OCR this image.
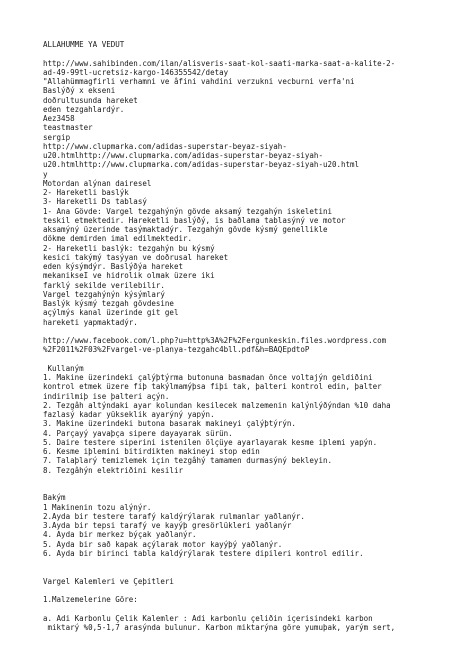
ALLAHUMME YA VEDUT
http://www.sahibinden.com/ilan/alisveris-saat-kol-saati-marka-saat-a-kalite-2-
ad-49-99tl-ucretsiz-kargo-146355542/detay
"Allahümmagfirli verhamni ve âfini vahdini verzukni vecburni verfa'ni
Baslýðý x ekseni
doðrultusunda hareket
eden tezgahlardýr.
Aez3458
teastmaster
sergip
http://www.clupmarka.com/adidas-superstar-beyaz-siyah-
u20.htmlhttp://www.clupmarka.com/adidas-superstar-beyaz-siyah-
u20.htmlhttp://www.clupmarka.com/adidas-superstar-beyaz-siyah-u20.html
y
Motordan alýnan dairesel
2- Hareketli baslýk
3- Hareketli Ds tablasý
1- Ana Gövde: Vargel tezgahýnýn gövde aksamý tezgahýn iskeletini
teskil etmektedir. Hareketli baslýðý, is baðlama tablasýný ve motor
aksamýný üzerinde tasýmaktadýr. Tezgahýn gövde kýsmý genellikle
dökme demirden imal edilmektedir.
2- Hareketli baslýk: tezgahýn bu kýsmý
kesici takýmý tasýyan ve doðrusal hareket
eden kýsýmdýr. Baslýðýa hareket
mekanikseI ve hidrolik olmak üzere iki
farklý sekilde verilebilir.
Vargel tezgahýnýn kýsýmlarý
Baslýk kýsmý tezgah gövdesine
açýlmýs kanal üzerinde git gel
hareketi yapmaktadýr.
http://www.facebook.com/l.php?u=http%3A%2F%2Fergunkeskin.files.wordpress.com
%2F2011%2F03%2Fvargel-ve-planya-tezgahc4bll.pdf&h=BAQEpdtoP
Kullaným
1. Makine üzerindeki çalýþtýrma butonuna basmadan önce voltajýn geldiðini
kontrol etmek üzere fiþ takýlmamýþsa fiþi tak, þalteri kontrol edin, þalter
indirilmiþ ise þalteri açýn.
2. Tezgâh altýndaki ayar kolundan kesilecek malzemenin kalýnlýðýndan %10 daha
fazlasý kadar yükseklik ayarýný yapýn.
3. Makine üzerindeki butona basarak makineyi çalýþtýrýn.
4. Parçayý yavaþça sipere dayayarak sürün.
5. Daire testere siperini istenilen ölçüye ayarlayarak kesme iþlemi yapýn.
6. Kesme iþlemini bitirdikten makineyi stop edin
7. Talaþlarý temizlemek için tezgâhý tamamen durmasýný bekleyin.
8. Tezgâhýn elektriðini kesilir
Bakým
1 Makinenin tozu alýnýr.
2.Ayda bir testere tarafý kaldýrýlarak rulmanlar yaðlanýr.
3.Ayda bir tepsi tarafý ve kayýþ gresörlükleri yaðlanýr
4. Ayda bir merkez býçak yaðlanýr.
5. Ayda bir sað kapak açýlarak motor kayýþý yaðlanýr.
6. Ayda bir birinci tabla kaldýrýlarak testere dipileri kontrol edilir.
Vargel Kalemleri ve Çeþitleri
1.Malzemelerine Göre:
a. Adi Karbonlu Çelik Kalemler : Adi karbonlu çeliðin içerisindeki karbon
miktarý %0,5-1,7 arasýnda bulunur. Karbon miktarýna göre yumuþak, yarým sert,
